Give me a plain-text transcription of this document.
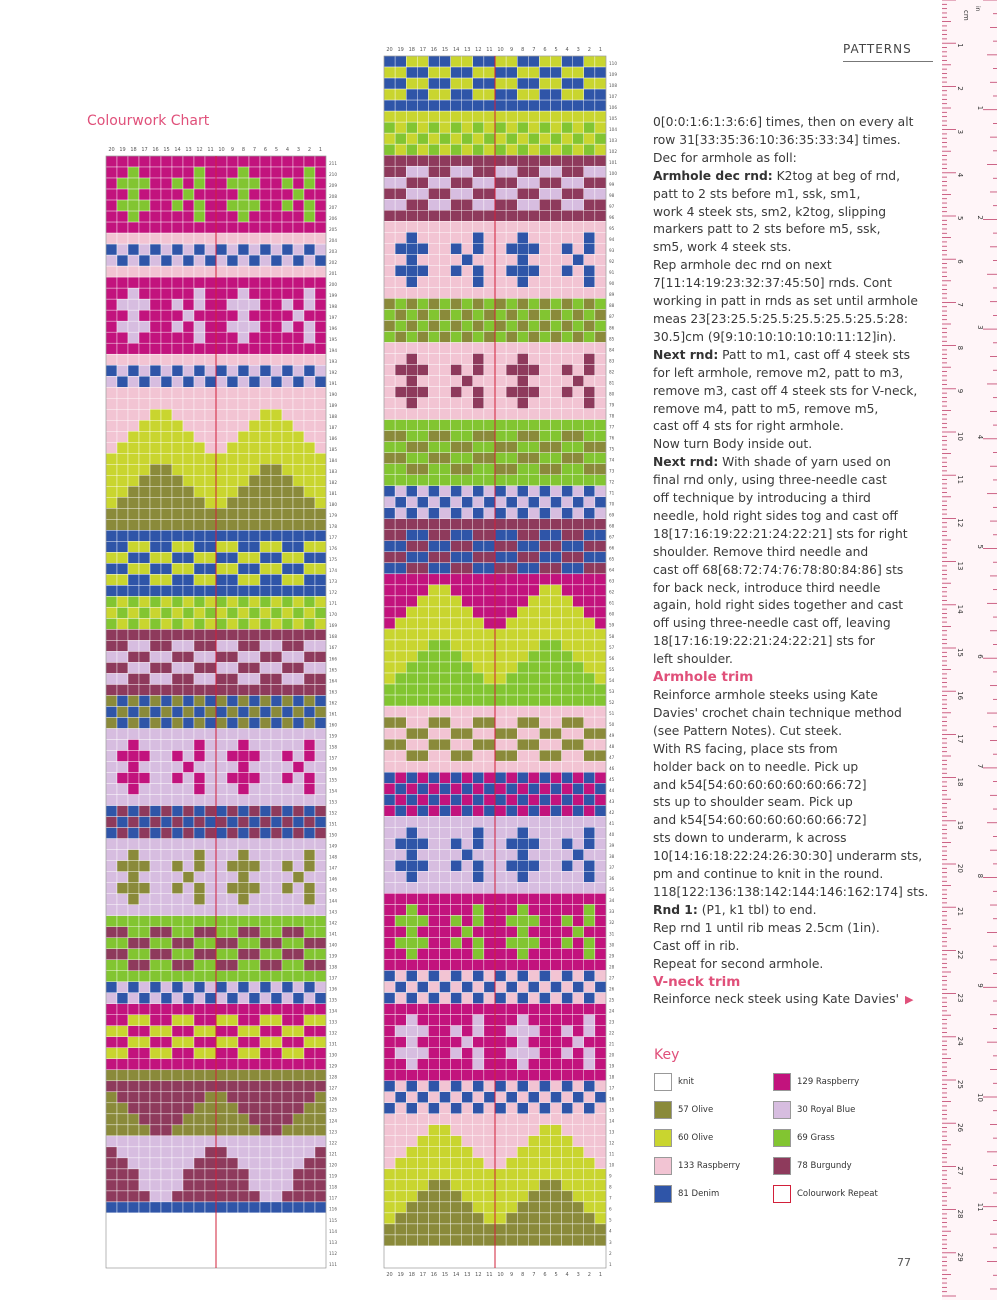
PATTERNS
Colourwork Chart
20 19 18 17 16 15 14 13 12 11 10 9 8 7 6 5 4 3 2 1
211
210
209
208
207
206
205
204
203
202
201
200
199
198
197
196
195
194
193
192
191
190
189
188
187
186
185
184
183
182
181
180
179
178
177
176
175
174
173
172
171
170
169
168
167
166
165
164
163
162
161
160
159
158
157
156
155
154
153
152
151
150
149
148
147
146
145
144
143
142
141
140
139
138
137
136
135
134
133
132
131
130
129
128
127
126
125
124
123
122
121
120
119
118
117
116
115
114
113
112
111
20 19 18 17 16 15 14 13 12 11 10 9 8 7 6 5 4 3 2 1
110
109
108
107
106
105
104
103
102
101
100
99
98
97
96
95
94
93
92
91
90
89
88
87
86
85
84
83
82
81
80
79
78
77
76
75
74
73
72
71
70
69
68
67
66
65
64
63
62
61
60
59
58
57
56
55
54
53
52
51
50
49
48
47
46
45
44
43
42
41
40
39
38
37
36
35
34
33
32
31
30
29
28
27
26
25
24
23
22
21
20
19
18
17
16
15
14
13
12
11
10
9
8
7
6
5
4
3
2
1
20 19 18 17 16 15 14 13 12 11 10 9 8 7 6 5 4 3 2 1

0[0:0:1:6:1:3:6:6] times, then on every alt

row 31[33:35:36:10:36:35:33:34] times.

Dec for armhole as foll:

Armhole dec rnd: K2tog at beg of rnd,

patt to 2 sts before m1, ssk, sm1,

work 4 steek sts, sm2, k2tog, slipping

markers patt to 2 sts before m5, ssk,

sm5, work 4 steek sts.

Rep armhole dec rnd on next

7[11:14:19:23:32:37:45:50] rnds. Cont

working in patt in rnds as set until armhole

meas 23[23:25.5:25.5:25.5:25.5:25.5:28:

30.5]cm (9[9:10:10:10:10:10:11:12]in).

Next rnd: Patt to m1, cast off 4 steek sts

for left armhole, remove m2, patt to m3,

remove m3, cast off 4 steek sts for V-neck,

remove m4, patt to m5, remove m5,

cast off 4 sts for right armhole.

Now turn Body inside out.

Next rnd: With shade of yarn used on

final rnd only, using three-needle cast

off technique by introducing a third

needle, hold right sides tog and cast off

18[17:16:19:22:21:24:22:21] sts for right

shoulder. Remove third needle and

cast off 68[68:72:74:76:78:80:84:86] sts

for back neck, introduce third needle

again, hold right sides together and cast

off using three-needle cast off, leaving

18[17:16:19:22:21:24:22:21] sts for

left shoulder.

Armhole trim

Reinforce armhole steeks using Kate

Davies' crochet chain technique method

(see Pattern Notes). Cut steek.

With RS facing, place sts from

holder back on to needle. Pick up

and k54[54:60:60:60:60:60:66:72]

sts up to shoulder seam. Pick up

and k54[54:60:60:60:60:60:66:72]

sts down to underarm, k across

10[14:16:18:22:24:26:30:30] underarm sts,

pm and continue to knit in the round.

118[122:136:138:142:144:146:162:174] sts.

Rnd 1: (P1, k1 tbl) to end.

Rep rnd 1 until rib meas 2.5cm (1in).

Cast off in rib.

Repeat for second armhole.

V-neck trim

Reinforce neck steek using Kate Davies' ▶

Key
knit	129 Raspberry
57 Olive	30 Royal Blue
60 Olive	69 Grass
133 Raspberry	78 Burgundy
81 Denim	Colourwork Repeat
77
cm
1
2
3
4
5
6
7
8
9
10
11
12
13
14
15
16
17
18
19
20
21
22
23
24
25
26
27
28
29
in
1
2
3
4
5
6
7
8
9
10
11
